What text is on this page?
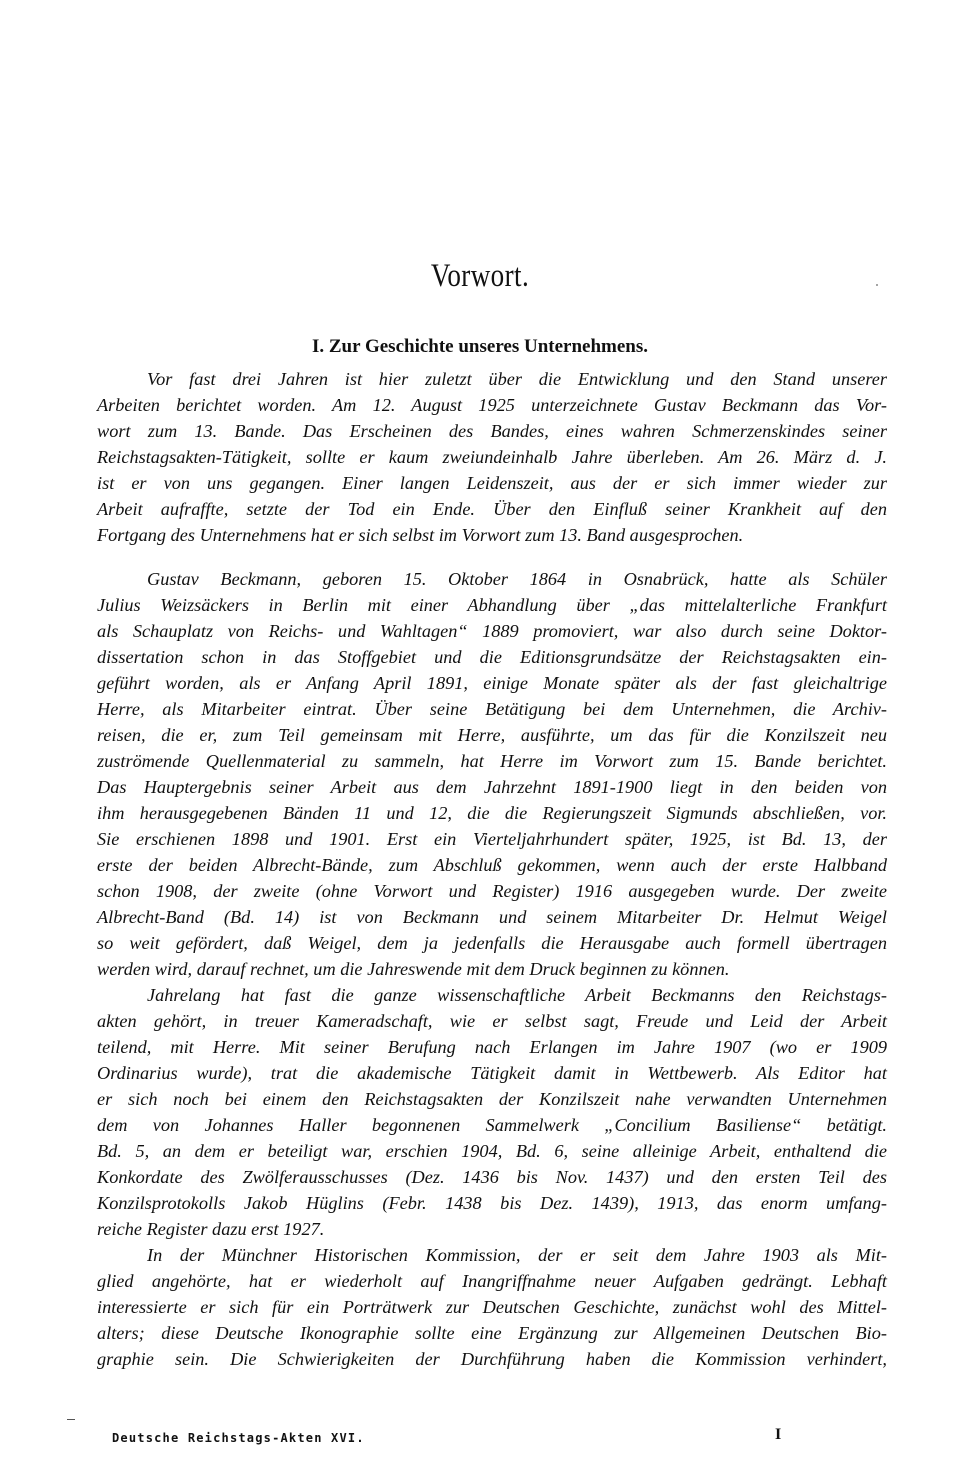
Vorwort.
I. Zur Geschichte unseres Unternehmens.
Vor fast drei Jahren ist hier zuletzt über die Entwicklung und den Stand unserer
Arbeiten berichtet worden. Am 12. August 1925 unterzeichnete Gustav Beckmann das Vor-
wort zum 13. Bande. Das Erscheinen des Bandes, eines wahren Schmerzenskindes seiner
Reichstagsakten-Tätigkeit, sollte er kaum zweiundeinhalb Jahre überleben. Am 26. März d. J.
ist er von uns gegangen. Einer langen Leidenszeit, aus der er sich immer wieder zur
Arbeit aufraffte, setzte der Tod ein Ende. Über den Einfluß seiner Krankheit auf den
Fortgang des Unternehmens hat er sich selbst im Vorwort zum 13. Band ausgesprochen.
Gustav Beckmann, geboren 15. Oktober 1864 in Osnabrück, hatte als Schüler
Julius Weizsäckers in Berlin mit einer Abhandlung über „das mittelalterliche Frankfurt
als Schauplatz von Reichs- und Wahltagen“ 1889 promoviert, war also durch seine Doktor-
dissertation schon in das Stoffgebiet und die Editionsgrundsätze der Reichstagsakten ein-
geführt worden, als er Anfang April 1891, einige Monate später als der fast gleichaltrige
Herre, als Mitarbeiter eintrat. Über seine Betätigung bei dem Unternehmen, die Archiv-
reisen, die er, zum Teil gemeinsam mit Herre, ausführte, um das für die Konzilszeit neu
zuströmende Quellenmaterial zu sammeln, hat Herre im Vorwort zum 15. Bande berichtet.
Das Hauptergebnis seiner Arbeit aus dem Jahrzehnt 1891-1900 liegt in den beiden von
ihm herausgegebenen Bänden 11 und 12, die die Regierungszeit Sigmunds abschließen, vor.
Sie erschienen 1898 und 1901. Erst ein Vierteljahrhundert später, 1925, ist Bd. 13, der
erste der beiden Albrecht-Bände, zum Abschluß gekommen, wenn auch der erste Halbband
schon 1908, der zweite (ohne Vorwort und Register) 1916 ausgegeben wurde. Der zweite
Albrecht-Band (Bd. 14) ist von Beckmann und seinem Mitarbeiter Dr. Helmut Weigel
so weit gefördert, daß Weigel, dem ja jedenfalls die Herausgabe auch formell übertragen
werden wird, darauf rechnet, um die Jahreswende mit dem Druck beginnen zu können.
Jahrelang hat fast die ganze wissenschaftliche Arbeit Beckmanns den Reichstags-
akten gehört, in treuer Kameradschaft, wie er selbst sagt, Freude und Leid der Arbeit
teilend, mit Herre. Mit seiner Berufung nach Erlangen im Jahre 1907 (wo er 1909
Ordinarius wurde), trat die akademische Tätigkeit damit in Wettbewerb. Als Editor hat
er sich noch bei einem den Reichstagsakten der Konzilszeit nahe verwandten Unternehmen
dem von Johannes Haller begonnenen Sammelwerk „Concilium Basiliense“ betätigt.
Bd. 5, an dem er beteiligt war, erschien 1904, Bd. 6, seine alleinige Arbeit, enthaltend die
Konkordate des Zwölferausschusses (Dez. 1436 bis Nov. 1437) und den ersten Teil des
Konzilsprotokolls Jakob Hüglins (Febr. 1438 bis Dez. 1439), 1913, das enorm umfang-
reiche Register dazu erst 1927.
In der Münchner Historischen Kommission, der er seit dem Jahre 1903 als Mit-
glied angehörte, hat er wiederholt auf Inangriffnahme neuer Aufgaben gedrängt. Lebhaft
interessierte er sich für ein Porträtwerk zur Deutschen Geschichte, zunächst wohl des Mittel-
alters; diese Deutsche Ikonographie sollte eine Ergänzung zur Allgemeinen Deutschen Bio-
graphie sein. Die Schwierigkeiten der Durchführung haben die Kommission verhindert,
Deutsche Reichstags-Akten XVI.	I
